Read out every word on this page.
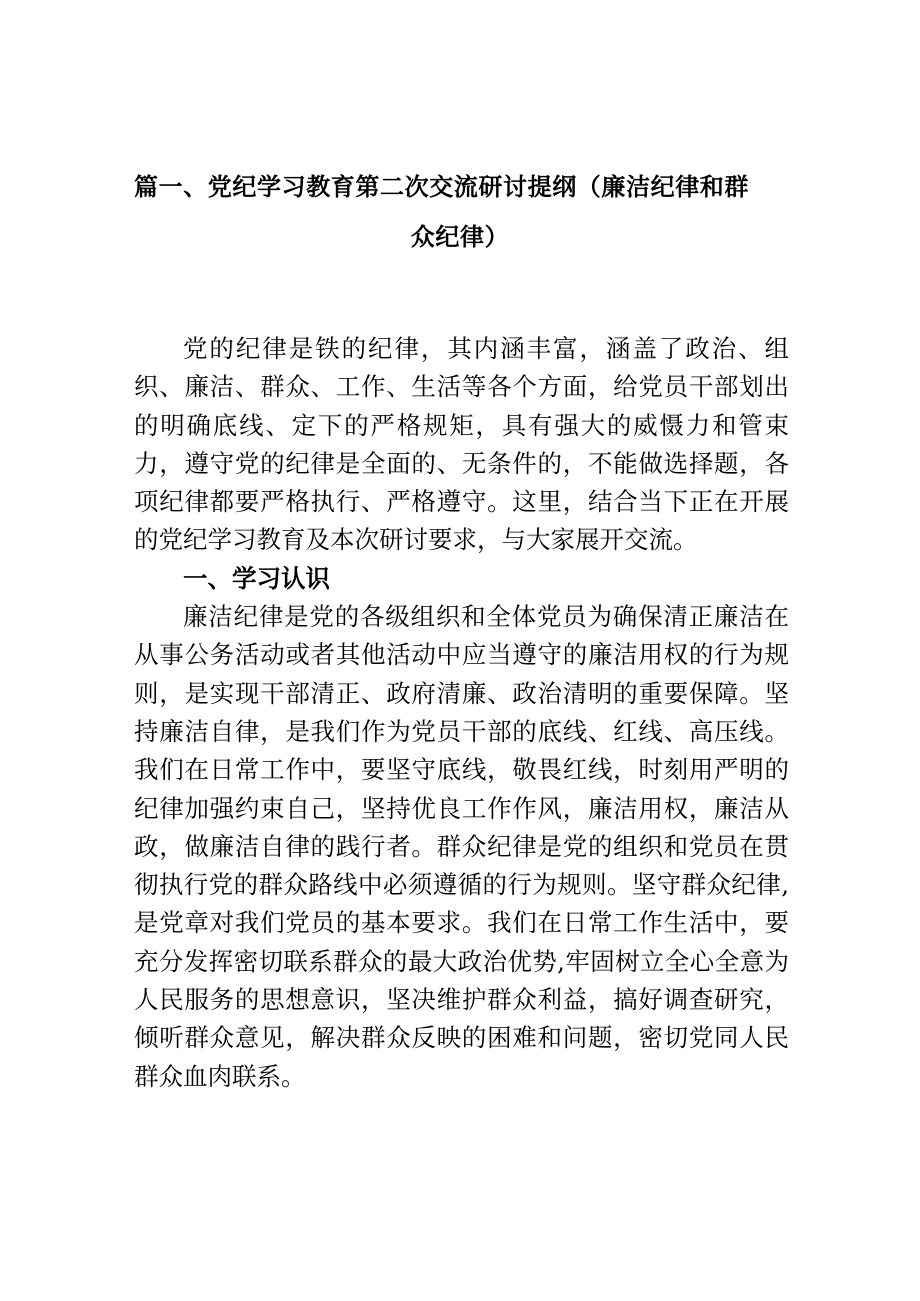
篇一、党纪学习教育第二次交流研讨提纲（廉洁纪律和群
众纪律）

党的纪律是铁的纪律，其内涵丰富，涵盖了政治、组织、廉洁、群众、工作、生活等各个方面，给党员干部划出的明确底线、定下的严格规矩，具有强大的威慑力和管束力，遵守党的纪律是全面的、无条件的，不能做选择题，各项纪律都要严格执行、严格遵守。这里，结合当下正在开展的党纪学习教育及本次研讨要求，与大家展开交流。

一、学习认识

廉洁纪律是党的各级组织和全体党员为确保清正廉洁在从事公务活动或者其他活动中应当遵守的廉洁用权的行为规则，是实现干部清正、政府清廉、政治清明的重要保障。坚持廉洁自律，是我们作为党员干部的底线、红线、高压线。我们在日常工作中，要坚守底线，敬畏红线，时刻用严明的纪律加强约束自己，坚持优良工作作风，廉洁用权，廉洁从政，做廉洁自律的践行者。群众纪律是党的组织和党员在贯彻执行党的群众路线中必须遵循的行为规则。坚守群众纪律,是党章对我们党员的基本要求。我们在日常工作生活中，要充分发挥密切联系群众的最大政治优势,牢固树立全心全意为人民服务的思想意识，坚决维护群众利益，搞好调查研究，倾听群众意见，解决群众反映的困难和问题，密切党同人民群众血肉联系。
